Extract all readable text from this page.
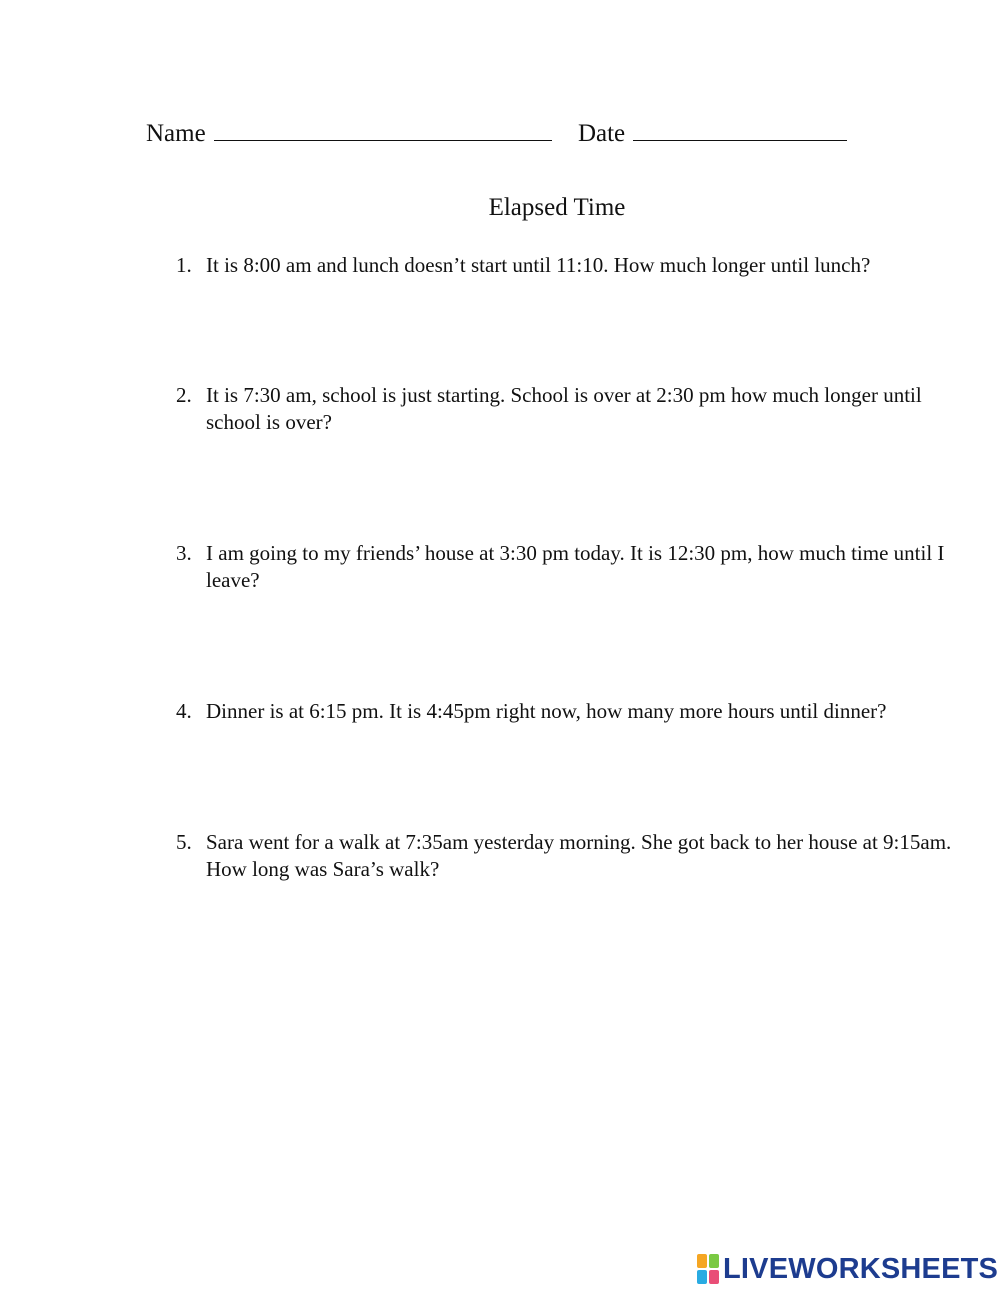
Name	Date
Elapsed Time
1. It is 8:00 am and lunch doesn’t start until 11:10. How much longer until lunch?
2. It is 7:30 am, school is just starting. School is over at 2:30 pm how much longer until school is over?
3. I am going to my friends’ house at 3:30 pm today. It is 12:30 pm, how much time until I leave?
4. Dinner is at 6:15 pm. It is 4:45pm right now, how many more hours until dinner?
5. Sara went for a walk at 7:35am yesterday morning. She got back to her house at 9:15am. How long was Sara’s walk?
LIVEWORKSHEETS
